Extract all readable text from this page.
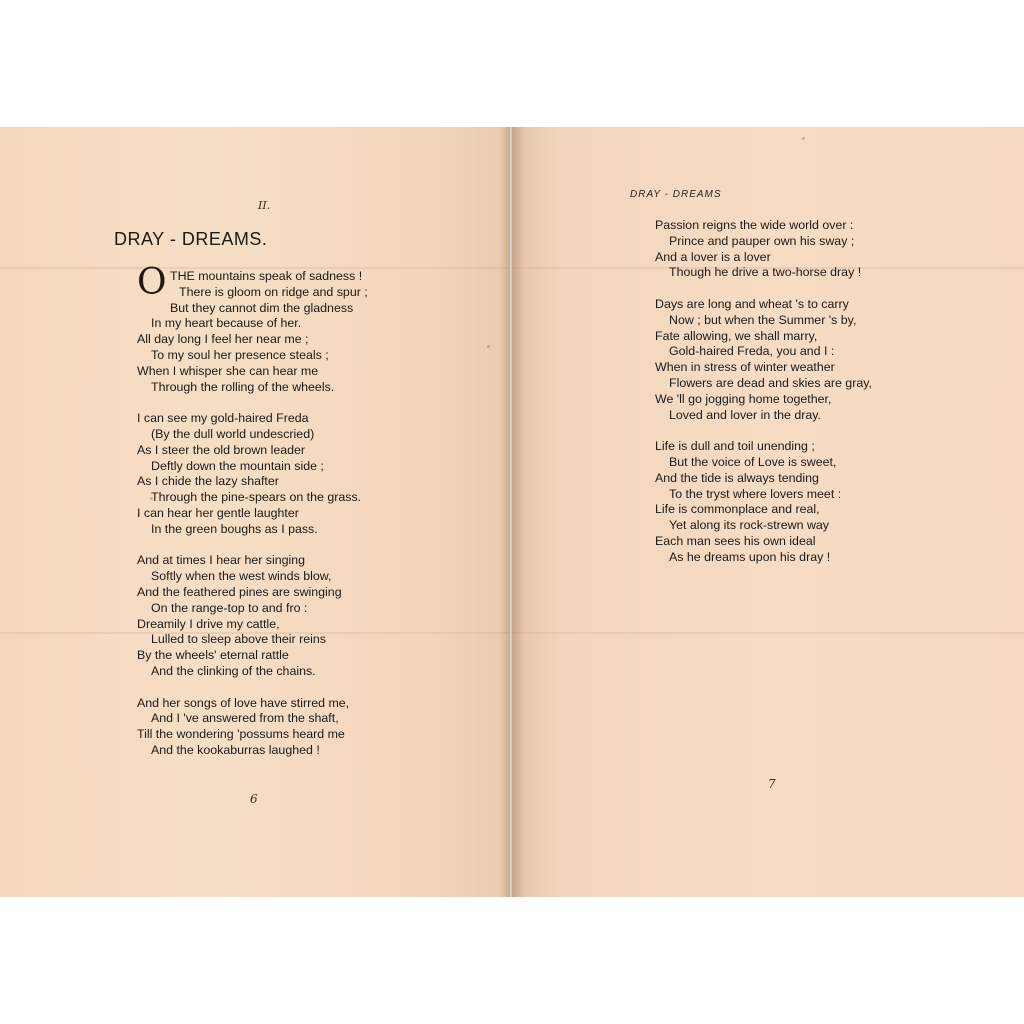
II.
DRAY - DREAMS.
O THE mountains speak of sadness !
There is gloom on ridge and spur ;
But they cannot dim the gladness
In my heart because of her.
All day long I feel her near me ;
To my soul her presence steals ;
When I whisper she can hear me
Through the rolling of the wheels.
I can see my gold-haired Freda
(By the dull world undescried)
As I steer the old brown leader
Deftly down the mountain side ;
As I chide the lazy shafter
Through the pine-spears on the grass.
I can hear her gentle laughter
In the green boughs as I pass.
And at times I hear her singing
Softly when the west winds blow,
And the feathered pines are swinging
On the range-top to and fro :
Dreamily I drive my cattle,
Lulled to sleep above their reins
By the wheels' eternal rattle
And the clinking of the chains.
And her songs of love have stirred me,
And I 've answered from the shaft,
Till the wondering 'possums heard me
And the kookaburras laughed !
6
DRAY - DREAMS
Passion reigns the wide world over :
Prince and pauper own his sway ;
And a lover is a lover
Though he drive a two-horse dray !
Days are long and wheat 's to carry
Now ; but when the Summer 's by,
Fate allowing, we shall marry,
Gold-haired Freda, you and I :
When in stress of winter weather
Flowers are dead and skies are gray,
We 'll go jogging home together,
Loved and lover in the dray.
Life is dull and toil unending ;
But the voice of Love is sweet,
And the tide is always tending
To the tryst where lovers meet :
Life is commonplace and real,
Yet along its rock-strewn way
Each man sees his own ideal
As he dreams upon his dray !
7
